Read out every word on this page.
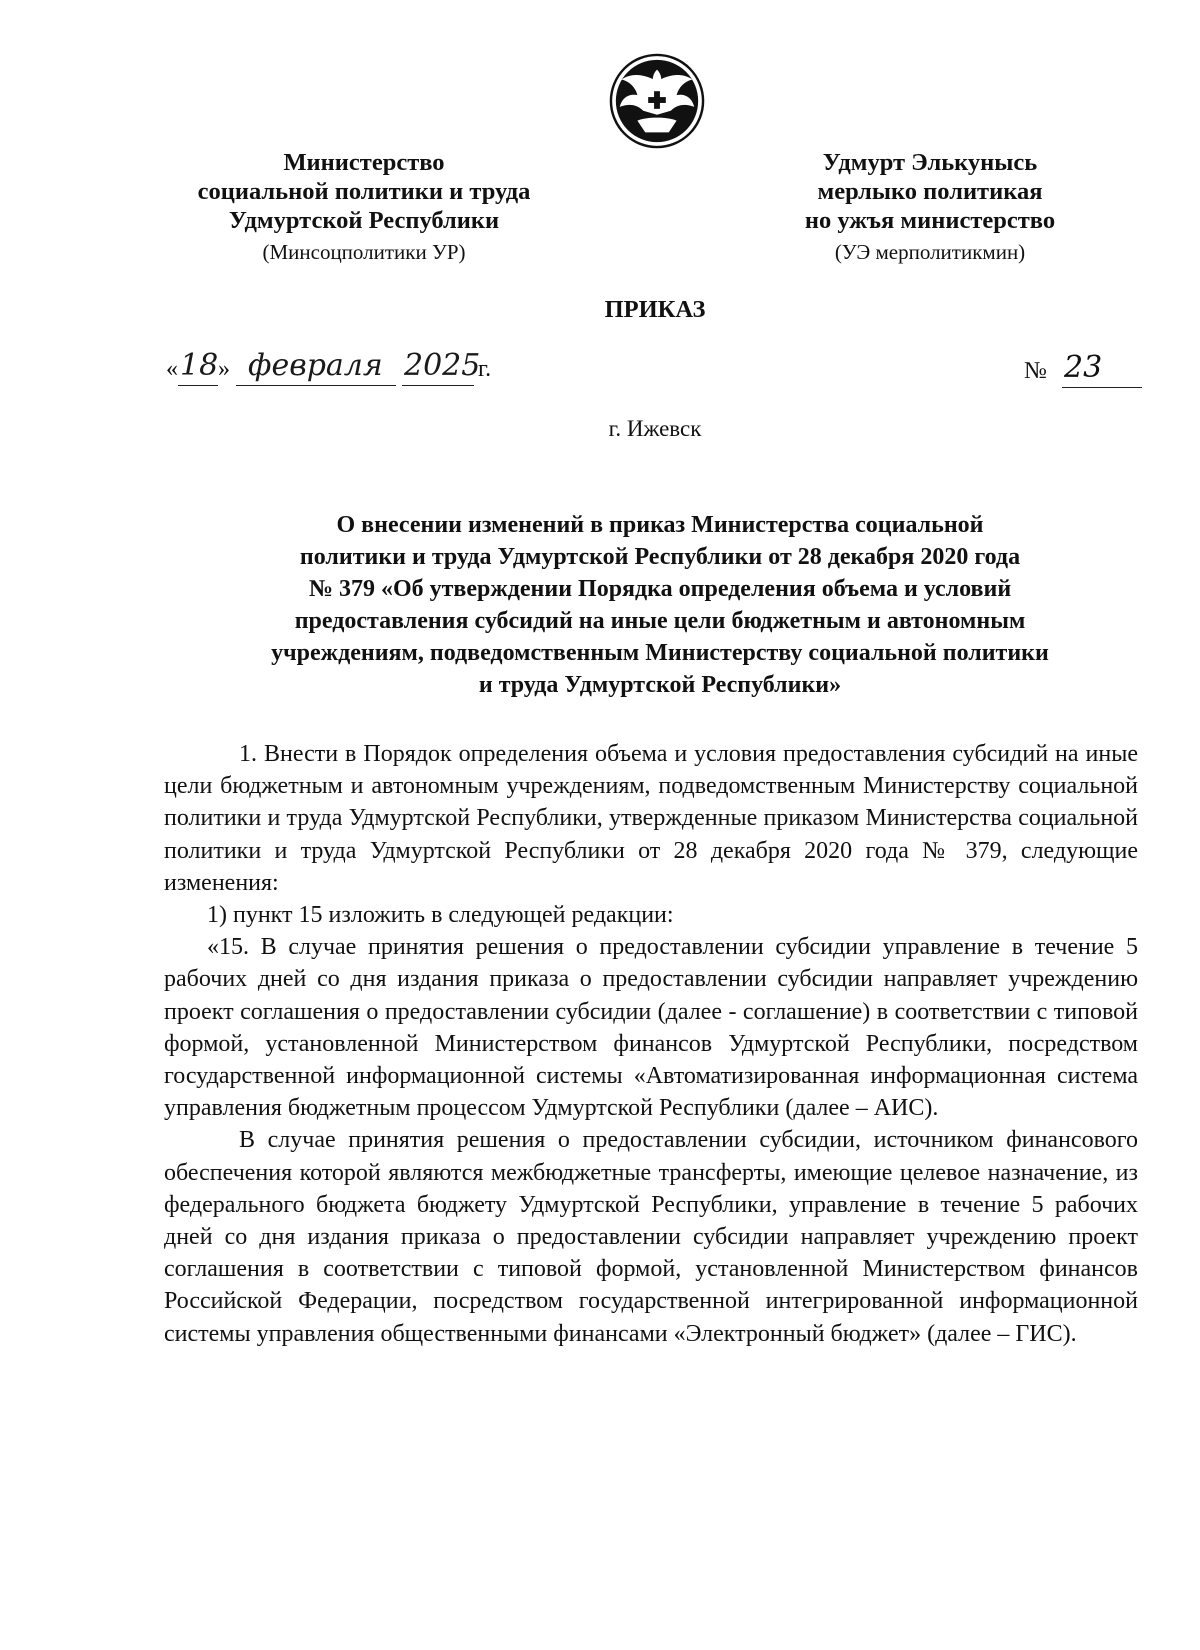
Министерство
социальной политики и труда
Удмуртской Республики
(Минсоцполитики УР)
Удмурт Элькунысь
мерлыко политикая
но ужъя министерство
(УЭ мерполитикмин)
ПРИКАЗ
« 18 » февраля 2025
г.	№ 23
г. Ижевск
О внесении изменений в приказ Министерства социальной
политики и труда Удмуртской Республики от 28 декабря 2020 года
№ 379 «Об утверждении Порядка определения объема и условий
предоставления субсидий на иные цели бюджетным и автономным
учреждениям, подведомственным Министерству социальной политики
и труда Удмуртской Республики»

1. Внести в Порядок определения объема и условия предоставления субсидий на иные цели бюджетным и автономным учреждениям, подведомственным Министерству социальной политики и труда Удмуртской Республики, утвержденные приказом Министерства социальной политики и труда Удмуртской Республики от 28 декабря 2020 года № 379, следующие изменения:

1) пункт 15 изложить в следующей редакции:

«15. В случае принятия решения о предоставлении субсидии управление в течение 5 рабочих дней со дня издания приказа о предоставлении субсидии направляет учреждению проект соглашения о предоставлении субсидии (далее - соглашение) в соответствии с типовой формой, установленной Министерством финансов Удмуртской Республики, посредством государственной информационной системы «Автоматизированная информационная система управления бюджетным процессом Удмуртской Республики (далее – АИС).

В случае принятия решения о предоставлении субсидии, источником финансового обеспечения которой являются межбюджетные трансферты, имеющие целевое назначение, из федерального бюджета бюджету Удмуртской Республики, управление в течение 5 рабочих дней со дня издания приказа о предоставлении субсидии направляет учреждению проект соглашения в соответствии с типовой формой, установленной Министерством финансов Российской Федерации, посредством государственной интегрированной информационной системы управления общественными финансами «Электронный бюджет» (далее – ГИС).
